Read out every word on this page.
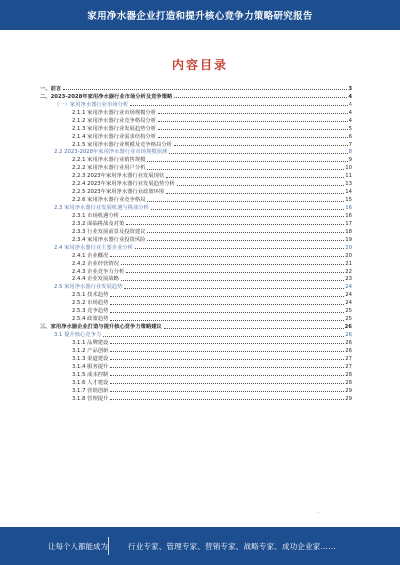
家用净水器企业打造和提升核心竞争力策略研究报告
内容目录
一、前言	3
二、2023-2028年家用净水器行业市场分析及竞争策略	4
（一）家用净水器行业市场分析	4
2.1.1 家用净水器行业市场规模分析	4
2.1.2 家用净水器行业竞争格局分析	4
2.1.3 家用净水器行业发展趋势分析	5
2.1.4 家用净水器行业需求结构分析	6
2.1.5 家用净水器行业规模及竞争格局分析	7
2.2 2023-2028年家用净水器行业市场规模预测	8
2.2.1 家用净水器行业销售规模	9
2.2.2 家用净水器行业用户分析	10
2.2.3 2023年家用净水器行业发展现状	11
2.2.4 2023年家用净水器行业发展趋势分析	13
2.2.5 2023年家用净水器行业政策环境	14
2.2.6 家用净水器行业竞争格局	15
2.3 家用净水器行业发展机遇与挑战分析	16
2.3.1 市场机遇分析	16
2.3.2 面临挑战及对策	17
2.3.3 行业发展前景及投资建议	18
2.3.4 家用净水器行业投资风险	19
2.4 家用净水器行业主要企业分析	20
2.4.1 企业概况	20
2.4.2 企业经营情况	21
2.4.3 企业竞争力分析	22
2.4.4 企业发展战略	23
2.5 家用净水器行业发展趋势	24
2.5.1 技术趋势	24
2.5.2 市场趋势	24
2.5.3 竞争趋势	25
2.5.4 政策趋势	25
三、家用净水器企业打造与提升核心竞争力策略建议	26
3.1 提升核心竞争力	26
3.1.1 品牌建设	26
3.1.2 产品创新	26
3.1.3 渠道建设	27
3.1.4 服务提升	27
3.1.5 成本控制	28
3.1.6 人才建设	28
3.1.7 营销创新	29
3.1.8 管理提升	29
·
让每个人都能成为	行业专家、管理专家、营销专家、战略专家、成功企业家……
